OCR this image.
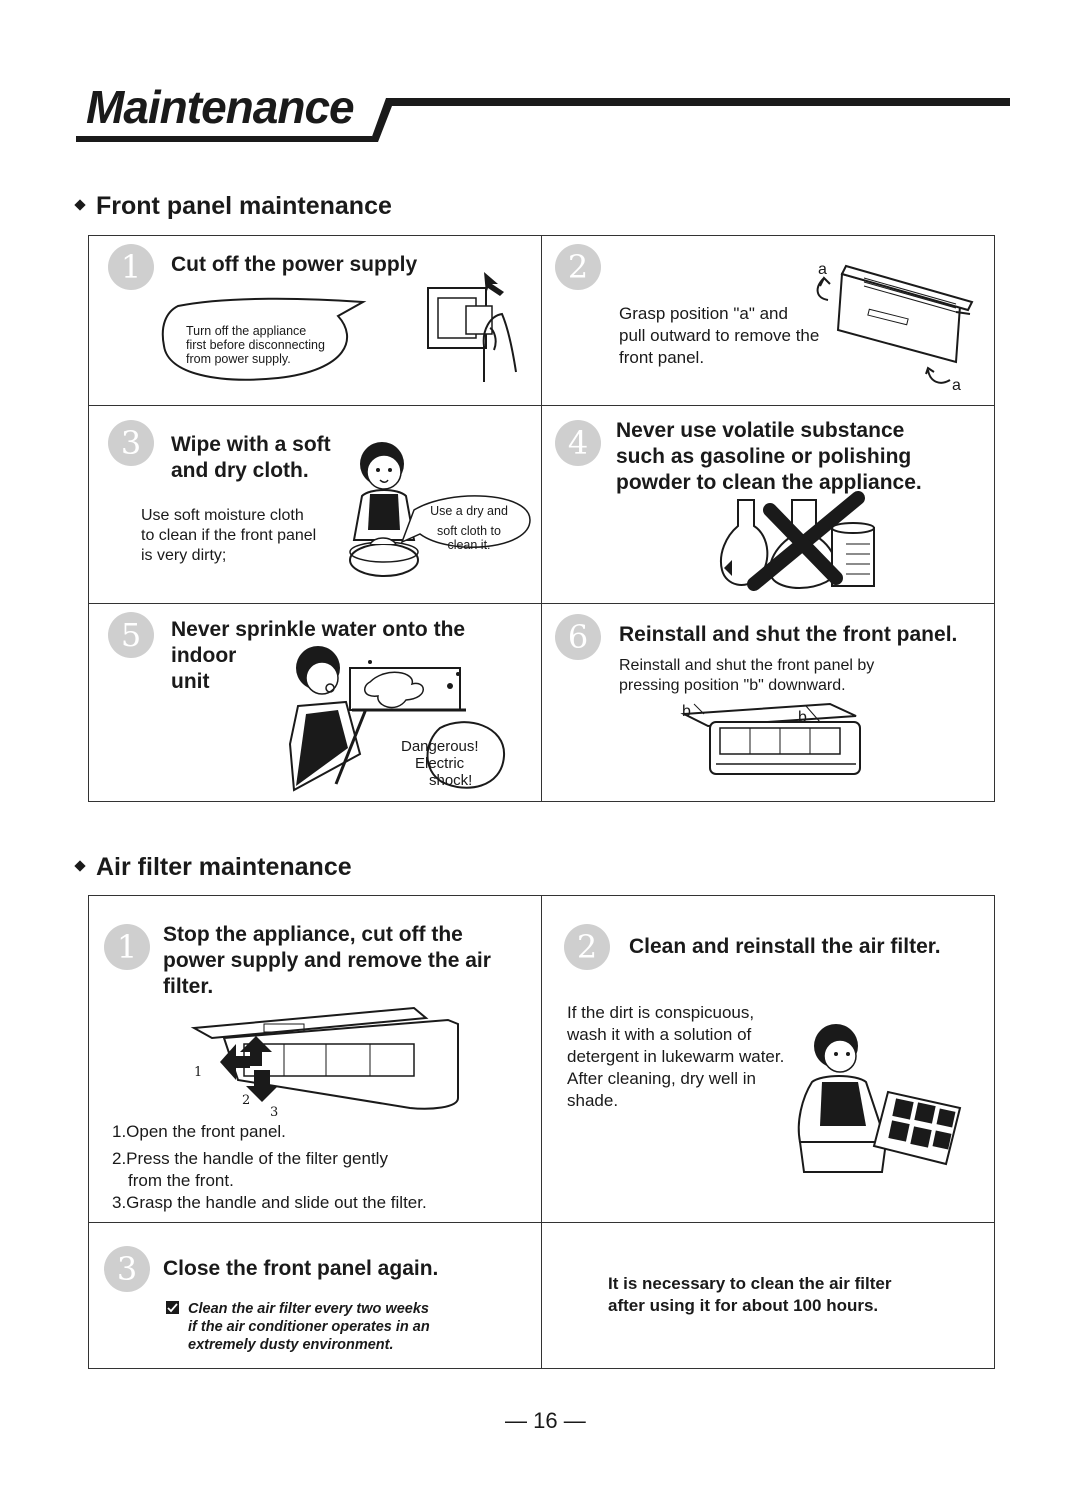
Maintenance
Front panel maintenance
1	Cut off the power supply
Turn off the appliance
first before disconnecting
from power supply.
2
Grasp position "a" and
pull outward to remove the
front panel.
a
a
3	Wipe with a soft
and dry cloth.
Use soft moisture cloth
to clean if the front panel
is very dirty;
Use a dry and
soft cloth to
clean it.
4	Never use volatile substance
such as gasoline or polishing
powder to clean the appliance.
5	Never sprinkle water onto the
indoor
unit
Dangerous!
Electric
shock!
6	Reinstall and shut the front panel.
Reinstall and shut the front panel by
pressing position "b" downward.
b	b
Air filter maintenance
1	Stop the appliance, cut off the
power supply and remove the air
filter.
1
2
3
1.Open the front panel.
2.Press the handle of the filter gently
from the front.
3.Grasp the handle and slide out the filter.
2	Clean and reinstall the air filter.
If the dirt is conspicuous,
wash it with a solution of
detergent in lukewarm water.
After cleaning, dry well in
shade.
3	Close the front panel again.
Clean the air filter every two weeks
if the air conditioner operates in an
extremely dusty environment.
It is necessary to clean the air filter
after using it for about 100 hours.
— 16 —
